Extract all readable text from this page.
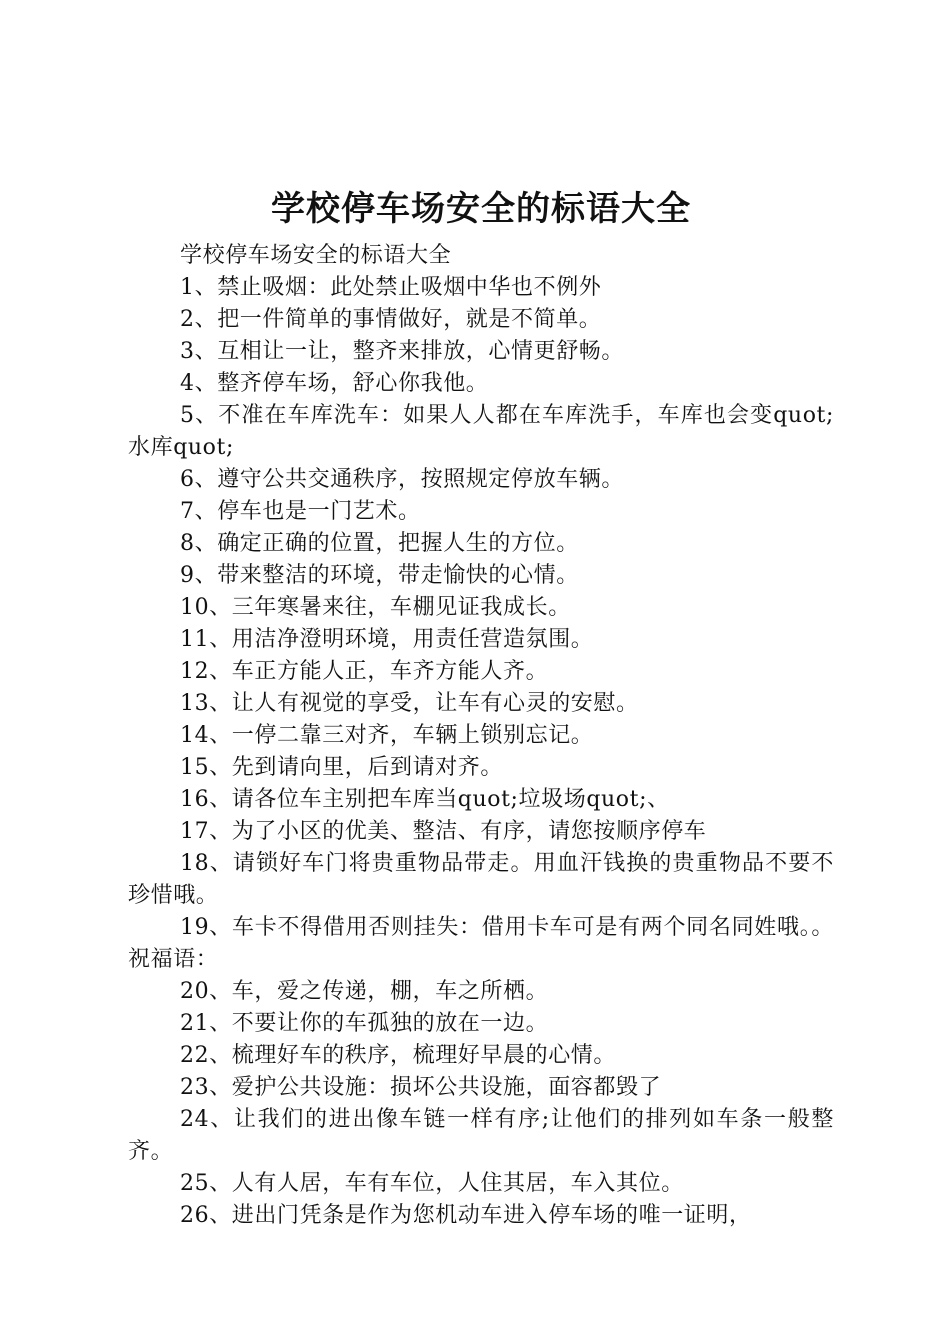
学校停车场安全的标语大全

学校停车场安全的标语大全

1、禁止吸烟：此处禁止吸烟中华也不例外

2、把一件简单的事情做好，就是不简单。

3、互相让一让，整齐来排放，心情更舒畅。

4、整齐停车场，舒心你我他。

5、不准在车库洗车：如果人人都在车库洗手，车库也会变quot;水库quot;

6、遵守公共交通秩序，按照规定停放车辆。

7、停车也是一门艺术。

8、确定正确的位置，把握人生的方位。

9、带来整洁的环境，带走愉快的心情。

10、三年寒暑来往，车棚见证我成长。

11、用洁净澄明环境，用责任营造氛围。

12、车正方能人正，车齐方能人齐。

13、让人有视觉的享受，让车有心灵的安慰。

14、一停二靠三对齐，车辆上锁别忘记。

15、先到请向里，后到请对齐。

16、请各位车主别把车库当quot;垃圾场quot;、

17、为了小区的优美、整洁、有序，请您按顺序停车

18、请锁好车门将贵重物品带走。用血汗钱换的贵重物品不要不珍惜哦。

19、车卡不得借用否则挂失：借用卡车可是有两个同名同姓哦。。祝福语：

20、车，爱之传递，棚，车之所栖。

21、不要让你的车孤独的放在一边。

22、梳理好车的秩序，梳理好早晨的心情。

23、爱护公共设施：损坏公共设施，面容都毁了

24、让我们的进出像车链一样有序;让他们的排列如车条一般整齐。

25、人有人居，车有车位，人住其居，车入其位。

26、进出门凭条是作为您机动车进入停车场的唯一证明，
